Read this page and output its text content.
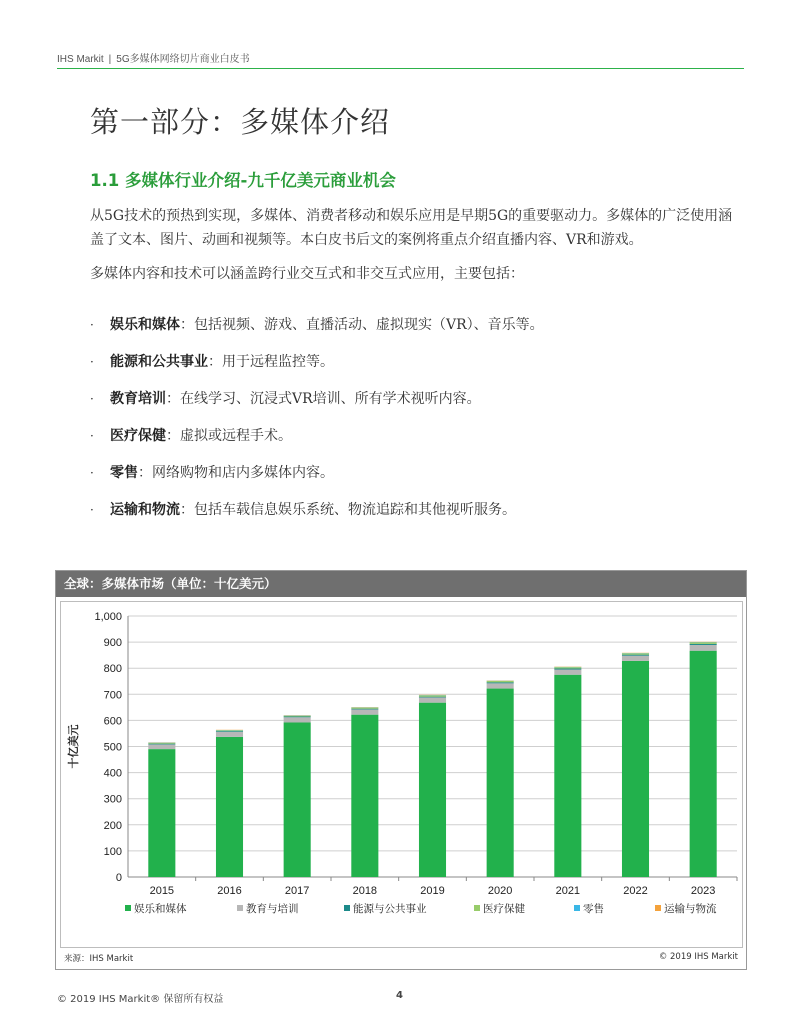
IHS Markit | 5G多媒体网络切片商业白皮书
第一部分：多媒体介绍
1.1 多媒体行业介绍-九千亿美元商业机会

从5G技术的预热到实现，多媒体、消费者移动和娱乐应用是早期5G的重要驱动力。多媒体的广泛使用涵盖了文本、图片、动画和视频等。本白皮书后文的案例将重点介绍直播内容、VR和游戏。

多媒体内容和技术可以涵盖跨行业交互式和非交互式应用，主要包括：

·	娱乐和媒体：包括视频、游戏、直播活动、虚拟现实（VR）、音乐等。
·	能源和公共事业：用于远程监控等。
·	教育培训：在线学习、沉浸式VR培训、所有学术视听内容。
·	医疗保健：虚拟或远程手术。
·	零售：网络购物和店内多媒体内容。
·	运输和物流：包括车载信息娱乐系统、物流追踪和其他视听服务。
全球：多媒体市场（单位：十亿美元）
0
100
200
300
400
500
600
700
800
900
1,000
十亿美元
2015	2016	2017	2018	2019	2020	2021	2022	2023
娱乐和媒体	教育与培训	能源与公共事业	医疗保健	零售	运输与物流
来源：IHS Markit	© 2019 IHS Markit
© 2019 IHS Markit® 保留所有权益	4
